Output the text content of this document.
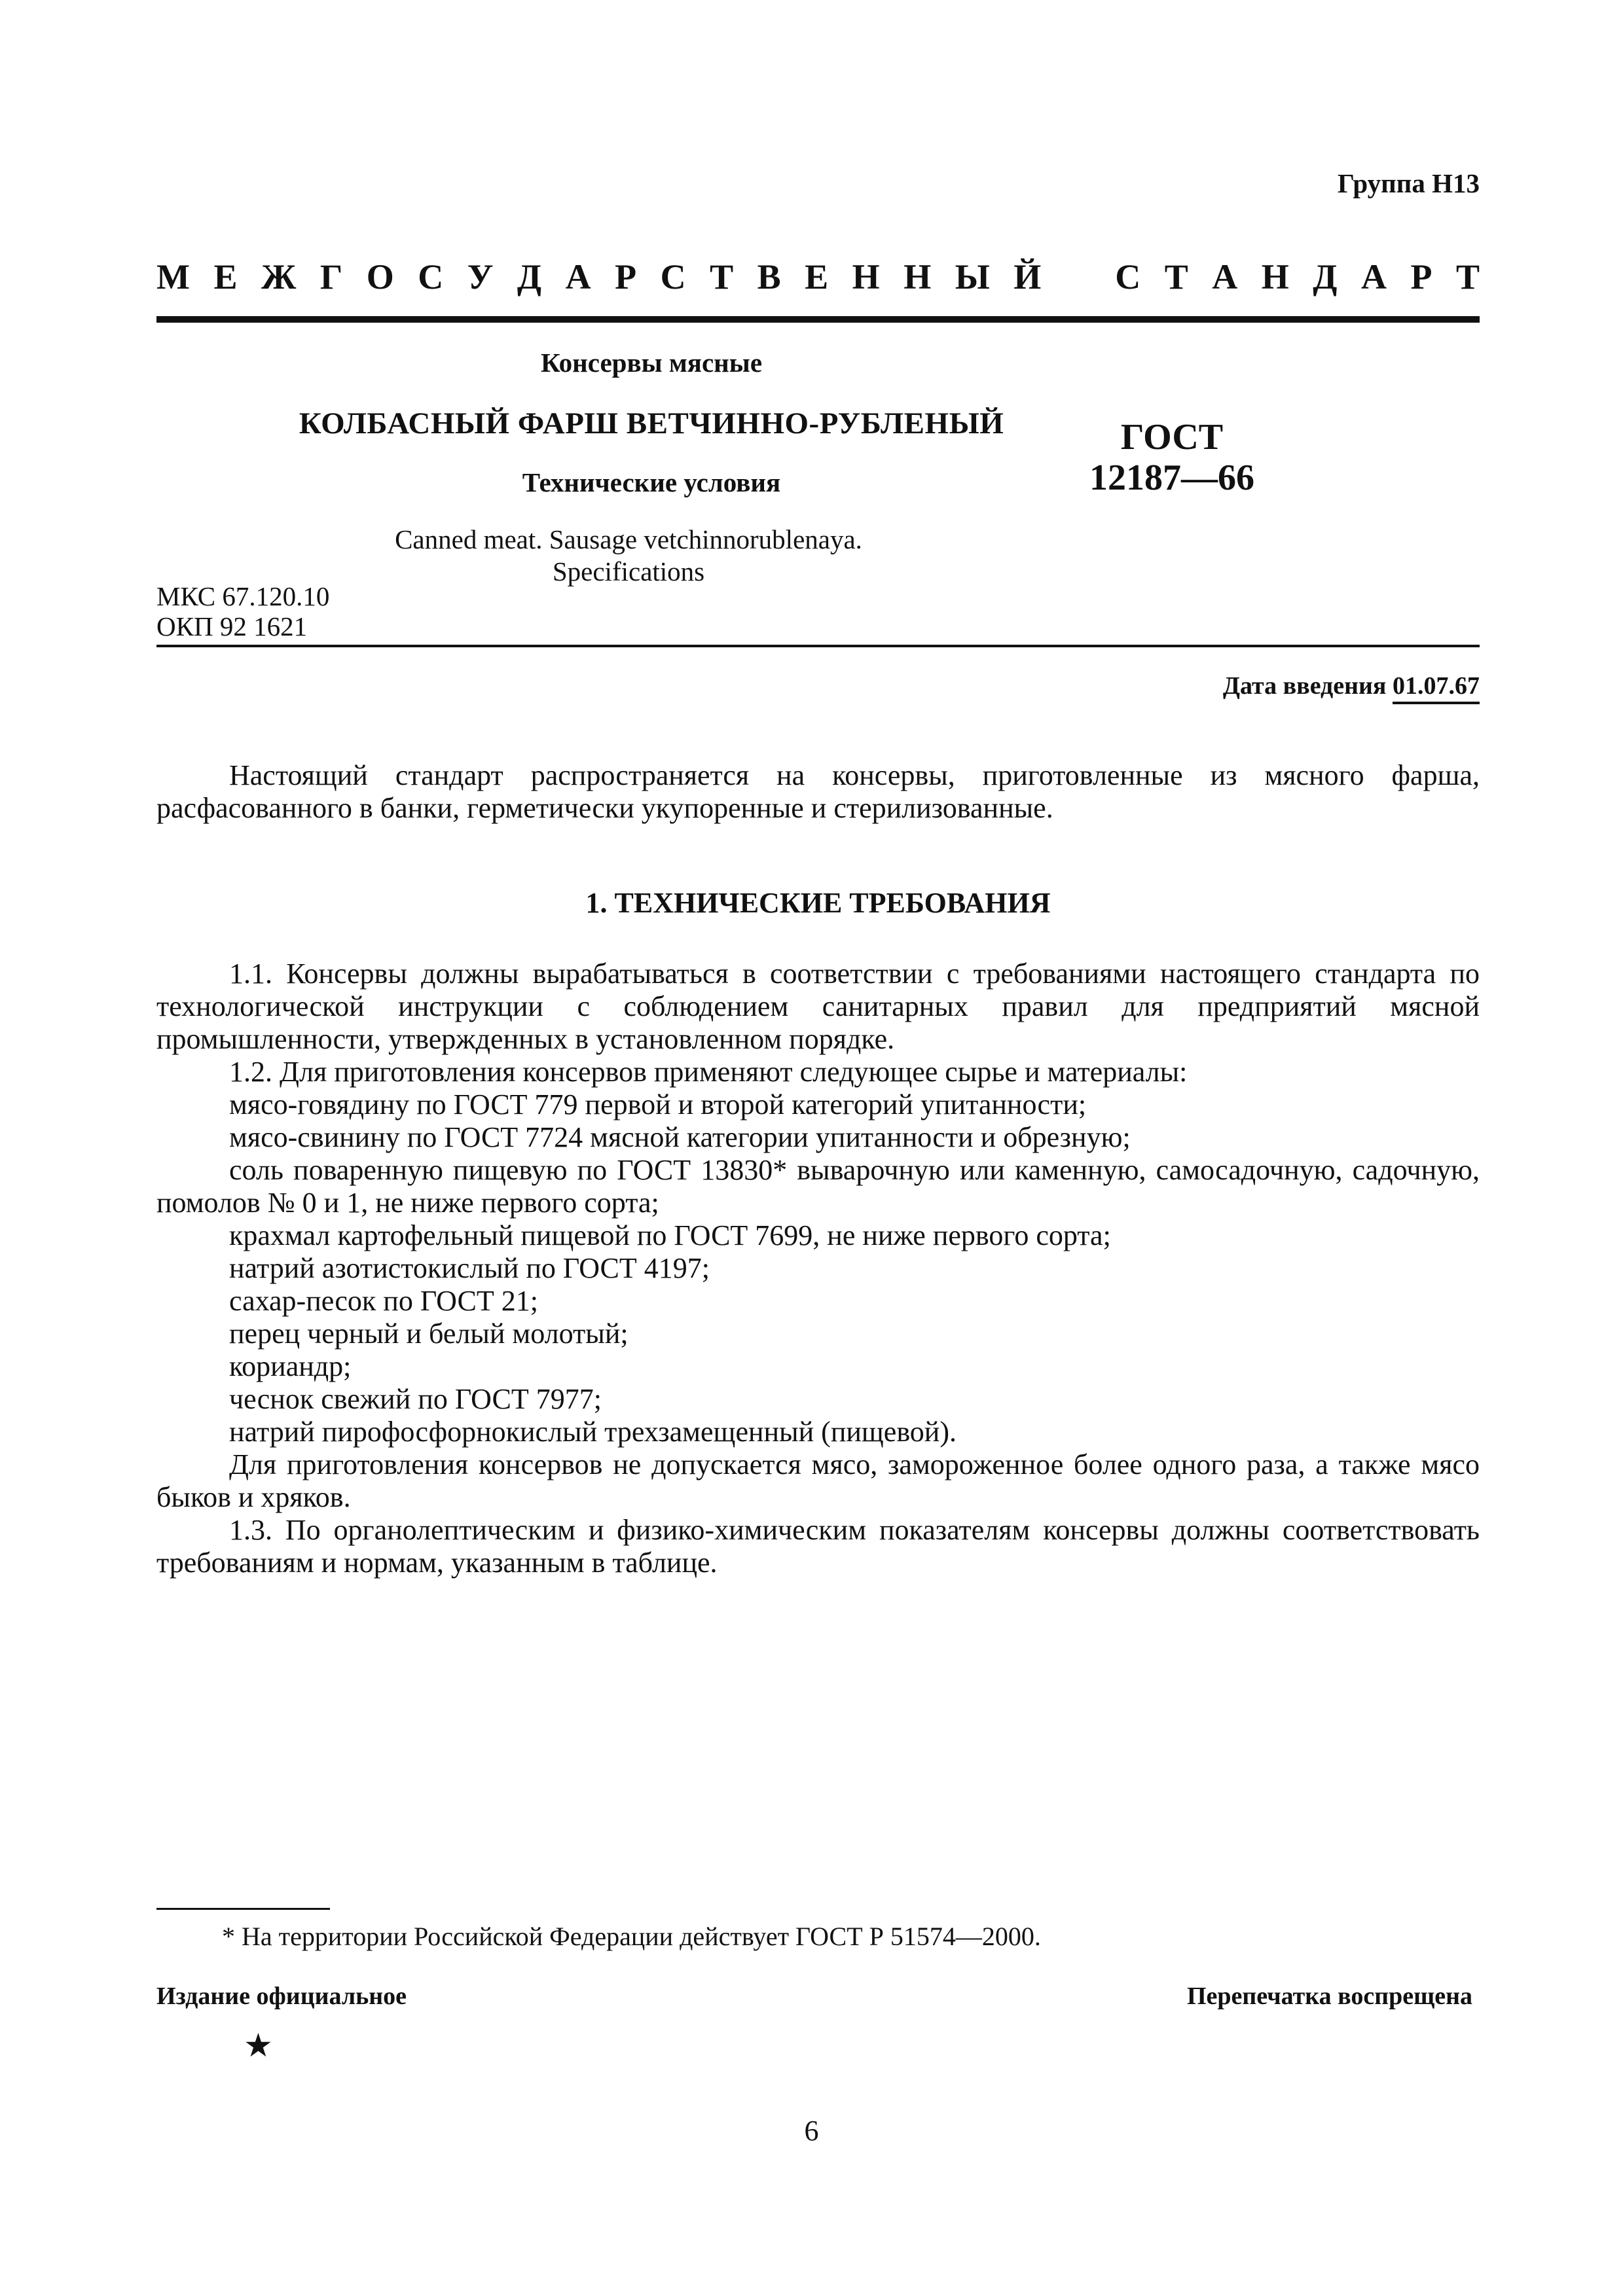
Группа Н13
М Е Ж Г О С У Д А Р С Т В Е Н Н Ы Й С Т А Н Д А Р Т
Консервы мясные
КОЛБАСНЫЙ ФАРШ ВЕТЧИННО-РУБЛЕНЫЙ
Технические условия
ГОСТ
12187—66
Canned meat. Sausage vetchinnorublenaya.
Specifications
МКС 67.120.10
ОКП 92 1621
Дата введения 01.07.67

Настоящий стандарт распространяется на консервы, приготовленные из мясного фарша, расфасованного в банки, герметически укупоренные и стерилизованные.

1. ТЕХНИЧЕСКИЕ ТРЕБОВАНИЯ

1.1. Консервы должны вырабатываться в соответствии с требованиями настоящего стандарта по технологической инструкции с соблюдением санитарных правил для предприятий мясной промышленности, утвержденных в установленном порядке.

1.2. Для приготовления консервов применяют следующее сырье и материалы:

мясо-говядину по ГОСТ 779 первой и второй категорий упитанности;

мясо-свинину по ГОСТ 7724 мясной категории упитанности и обрезную;

соль поваренную пищевую по ГОСТ 13830* выварочную или каменную, самосадочную, садочную, помолов № 0 и 1, не ниже первого сорта;

крахмал картофельный пищевой по ГОСТ 7699, не ниже первого сорта;

натрий азотистокислый по ГОСТ 4197;

сахар-песок по ГОСТ 21;

перец черный и белый молотый;

кориандр;

чеснок свежий по ГОСТ 7977;

натрий пирофосфорнокислый трехзамещенный (пищевой).

Для приготовления консервов не допускается мясо, замороженное более одного раза, а также мясо быков и хряков.

1.3. По органолептическим и физико-химическим показателям консервы должны соответствовать требованиям и нормам, указанным в таблице.

* На территории Российской Федерации действует ГОСТ Р 51574—2000.
Издание официальное	Перепечатка воспрещена
★
6
